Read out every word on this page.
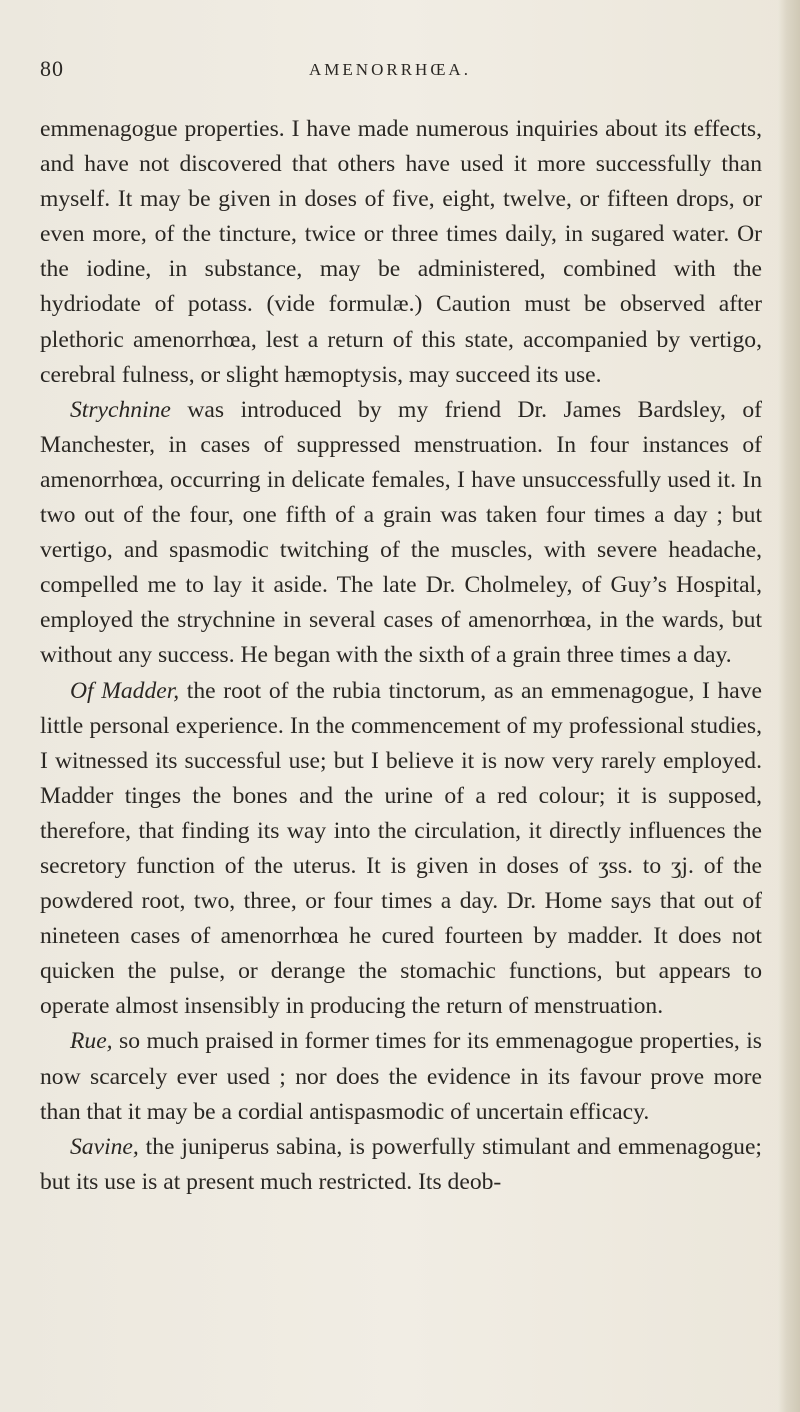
80	AMENORRHŒA.

emmenagogue properties. I have made numerous inquiries about its effects, and have not discovered that others have used it more successfully than myself. It may be given in doses of five, eight, twelve, or fifteen drops, or even more, of the tincture, twice or three times daily, in sugared water. Or the iodine, in substance, may be administered, combined with the hydriodate of potass. (vide formulæ.) Caution must be observed after plethoric amenorrhœa, lest a return of this state, accompanied by vertigo, cerebral fulness, or slight hæmoptysis, may succeed its use.

Strychnine was introduced by my friend Dr. James Bardsley, of Manchester, in cases of suppressed menstruation. In four instances of amenorrhœa, occurring in delicate females, I have unsuccessfully used it. In two out of the four, one fifth of a grain was taken four times a day ; but vertigo, and spasmodic twitching of the muscles, with severe headache, compelled me to lay it aside. The late Dr. Cholmeley, of Guy’s Hospital, employed the strychnine in several cases of amenorrhœa, in the wards, but without any success. He began with the sixth of a grain three times a day.

Of Madder, the root of the rubia tinctorum, as an emmenagogue, I have little personal experience. In the commencement of my professional studies, I witnessed its successful use; but I believe it is now very rarely employed. Madder tinges the bones and the urine of a red colour; it is supposed, therefore, that finding its way into the circulation, it directly influences the secretory function of the uterus. It is given in doses of ʒss. to ʒj. of the powdered root, two, three, or four times a day. Dr. Home says that out of nineteen cases of amenorrhœa he cured fourteen by madder. It does not quicken the pulse, or derange the stomachic functions, but appears to operate almost insensibly in producing the return of menstruation.

Rue, so much praised in former times for its emmenagogue properties, is now scarcely ever used ; nor does the evidence in its favour prove more than that it may be a cordial antispasmodic of uncertain efficacy.

Savine, the juniperus sabina, is powerfully stimulant and emmenagogue; but its use is at present much restricted. Its deob-
